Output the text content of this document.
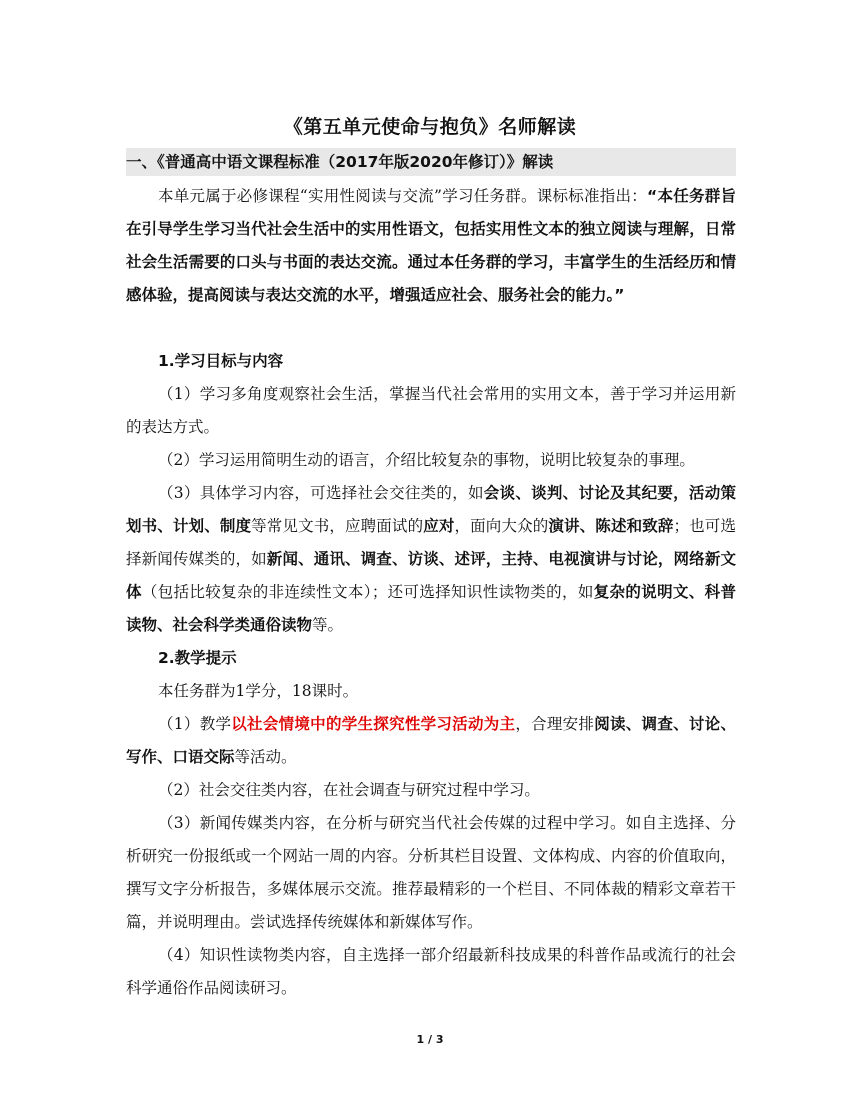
《第五单元使命与抱负》名师解读
一、《普通高中语文课程标准（2017年版2020年修订）》解读

本单元属于必修课程“实用性阅读与交流”学习任务群。课标标准指出：“本任务群旨在引导学生学习当代社会生活中的实用性语文，包括实用性文本的独立阅读与理解，日常社会生活需要的口头与书面的表达交流。通过本任务群的学习，丰富学生的生活经历和情感体验，提高阅读与表达交流的水平，增强适应社会、服务社会的能力。”

1.学习目标与内容

（1）学习多角度观察社会生活，掌握当代社会常用的实用文本，善于学习并运用新的表达方式。

（2）学习运用简明生动的语言，介绍比较复杂的事物，说明比较复杂的事理。

（3）具体学习内容，可选择社会交往类的，如会谈、谈判、讨论及其纪要，活动策划书、计划、制度等常见文书，应聘面试的应对，面向大众的演讲、陈述和致辞；也可选择新闻传媒类的，如新闻、通讯、调查、访谈、述评，主持、电视演讲与讨论，网络新文体（包括比较复杂的非连续性文本）；还可选择知识性读物类的，如复杂的说明文、科普读物、社会科学类通俗读物等。

2.教学提示

本任务群为1学分，18课时。

（1）教学以社会情境中的学生探究性学习活动为主，合理安排阅读、调查、讨论、写作、口语交际等活动。

（2）社会交往类内容，在社会调查与研究过程中学习。

（3）新闻传媒类内容，在分析与研究当代社会传媒的过程中学习。如自主选择、分析研究一份报纸或一个网站一周的内容。分析其栏目设置、文体构成、内容的价值取向，撰写文字分析报告，多媒体展示交流。推荐最精彩的一个栏目、不同体裁的精彩文章若干篇，并说明理由。尝试选择传统媒体和新媒体写作。

（4）知识性读物类内容，自主选择一部介绍最新科技成果的科普作品或流行的社会科学通俗作品阅读研习。

1 / 3
